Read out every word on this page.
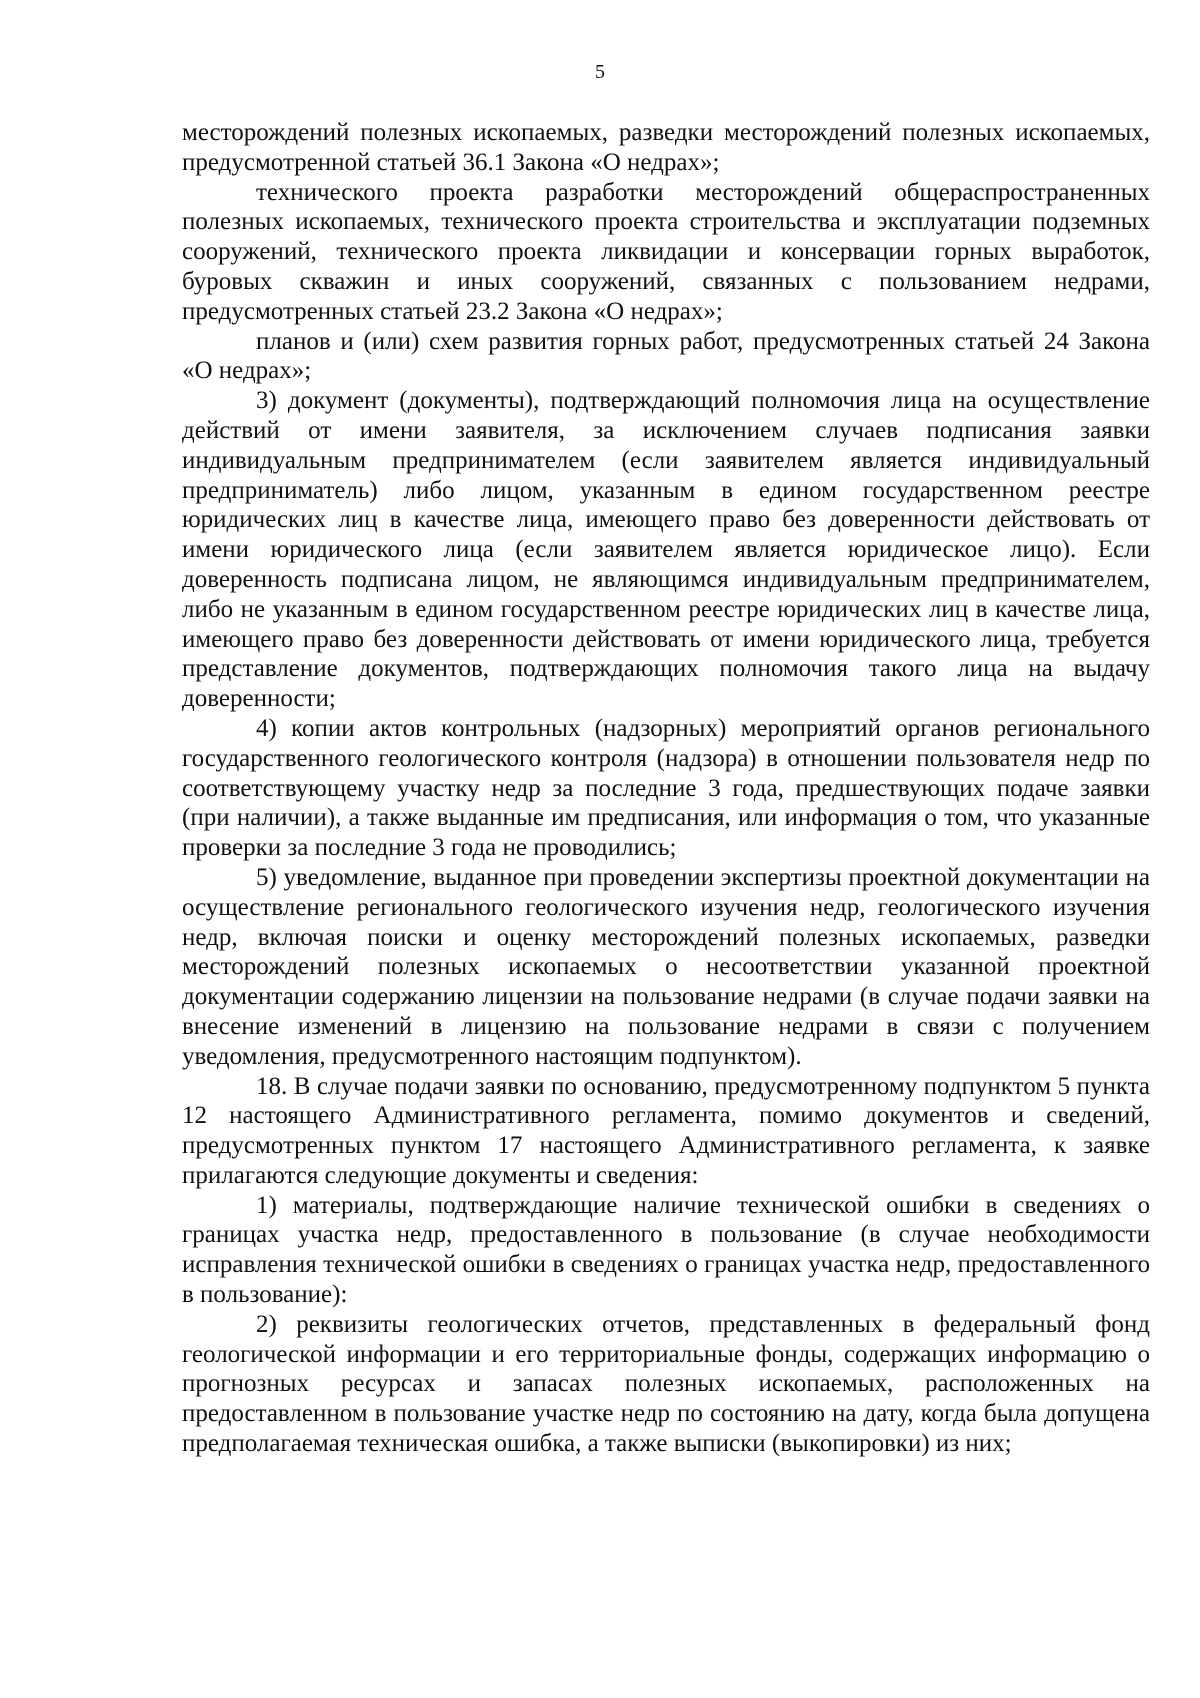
5

месторождений полезных ископаемых, разведки месторождений полезных ископаемых, предусмотренной статьей 36.1 Закона «О недрах»;

технического проекта разработки месторождений общераспространенных полезных ископаемых, технического проекта строительства и эксплуатации подземных сооружений, технического проекта ликвидации и консервации горных выработок, буровых скважин и иных сооружений, связанных с пользованием недрами, предусмотренных статьей 23.2 Закона «О недрах»;

планов и (или) схем развития горных работ, предусмотренных статьей 24 Закона «О недрах»;

3) документ (документы), подтверждающий полномочия лица на осуществление действий от имени заявителя, за исключением случаев подписания заявки индивидуальным предпринимателем (если заявителем является индивидуальный предприниматель) либо лицом, указанным в едином государственном реестре юридических лиц в качестве лица, имеющего право без доверенности действовать от имени юридического лица (если заявителем является юридическое лицо). Если доверенность подписана лицом, не являющимся индивидуальным предпринимателем, либо не указанным в едином государственном реестре юридических лиц в качестве лица, имеющего право без доверенности действовать от имени юридического лица, требуется представление документов, подтверждающих полномочия такого лица на выдачу доверенности;

4) копии актов контрольных (надзорных) мероприятий органов регионального государственного геологического контроля (надзора) в отношении пользователя недр по соответствующему участку недр за последние 3 года, предшествующих подаче заявки (при наличии), а также выданные им предписания, или информация о том, что указанные проверки за последние 3 года не проводились;

5) уведомление, выданное при проведении экспертизы проектной документации на осуществление регионального геологического изучения недр, геологического изучения недр, включая поиски и оценку месторождений полезных ископаемых, разведки месторождений полезных ископаемых о несоответствии указанной проектной документации содержанию лицензии на пользование недрами (в случае подачи заявки на внесение изменений в лицензию на пользование недрами в связи с получением уведомления, предусмотренного настоящим подпунктом).

18. В случае подачи заявки по основанию, предусмотренному подпунктом 5 пункта 12 настоящего Административного регламента, помимо документов и сведений, предусмотренных пунктом 17 настоящего Административного регламента, к заявке прилагаются следующие документы и сведения:

1) материалы, подтверждающие наличие технической ошибки в сведениях о границах участка недр, предоставленного в пользование (в случае необходимости исправления технической ошибки в сведениях о границах участка недр, предоставленного в пользование):

2) реквизиты геологических отчетов, представленных в федеральный фонд геологической информации и его территориальные фонды, содержащих информацию о прогнозных ресурсах и запасах полезных ископаемых, расположенных на предоставленном в пользование участке недр по состоянию на дату, когда была допущена предполагаемая техническая ошибка, а также выписки (выкопировки) из них;
